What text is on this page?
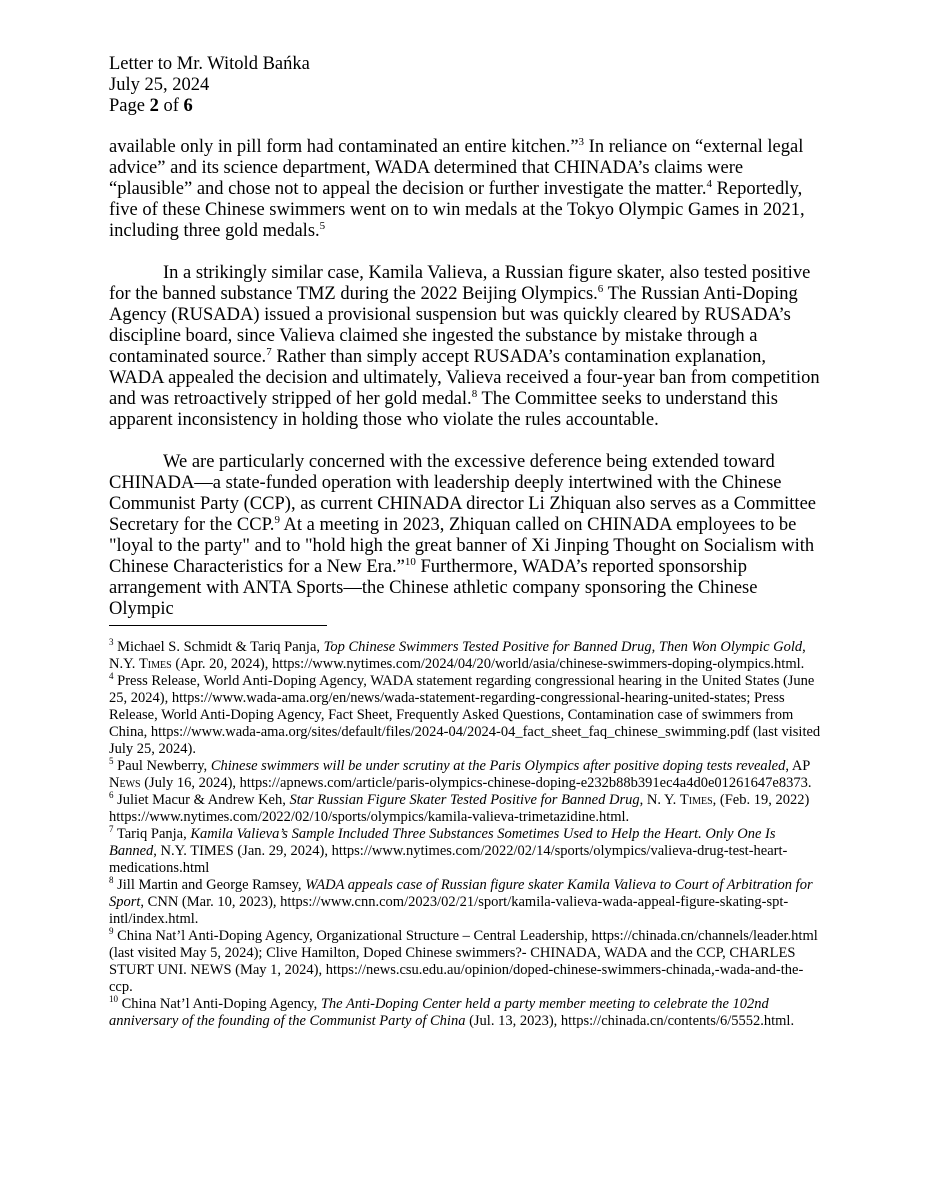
Letter to Mr. Witold Bańka
July 25, 2024
Page 2 of 6

available only in pill form had contaminated an entire kitchen.”$^3$ In reliance on “external legal advice” and its science department, WADA determined that CHINADA’s claims were “plausible” and chose not to appeal the decision or further investigate the matter.$^4$ Reportedly, five of these Chinese swimmers went on to win medals at the Tokyo Olympic Games in 2021, including three gold medals.$^5$

In a strikingly similar case, Kamila Valieva, a Russian figure skater, also tested positive for the banned substance TMZ during the 2022 Beijing Olympics.$^6$ The Russian Anti-Doping Agency (RUSADA) issued a provisional suspension but was quickly cleared by RUSADA’s discipline board, since Valieva claimed she ingested the substance by mistake through a contaminated source.$^7$ Rather than simply accept RUSADA’s contamination explanation, WADA appealed the decision and ultimately, Valieva received a four-year ban from competition and was retroactively stripped of her gold medal.$^8$ The Committee seeks to understand this apparent inconsistency in holding those who violate the rules accountable.

We are particularly concerned with the excessive deference being extended toward CHINADA—a state-funded operation with leadership deeply intertwined with the Chinese Communist Party (CCP), as current CHINADA director Li Zhiquan also serves as a Committee Secretary for the CCP.$^9$ At a meeting in 2023, Zhiquan called on CHINADA employees to be "loyal to the party" and to "hold high the great banner of Xi Jinping Thought on Socialism with Chinese Characteristics for a New Era.”$^{10}$ Furthermore, WADA’s reported sponsorship arrangement with ANTA Sports—the Chinese athletic company sponsoring the Chinese Olympic

$^3$ Michael S. Schmidt & Tariq Panja, Top Chinese Swimmers Tested Positive for Banned Drug, Then Won Olympic Gold, N.Y. Times (Apr. 20, 2024), https://www.nytimes.com/2024/04/20/world/asia/chinese-swimmers-doping-olympics.html.

$^4$ Press Release, World Anti-Doping Agency, WADA statement regarding congressional hearing in the United States (June 25, 2024), https://www.wada-ama.org/en/news/wada-statement-regarding-congressional-hearing-united-states; Press Release, World Anti-Doping Agency, Fact Sheet, Frequently Asked Questions, Contamination case of swimmers from China, https://www.wada-ama.org/sites/default/files/2024-04/2024-04_fact_sheet_faq_chinese_swimming.pdf (last visited July 25, 2024).

$^5$ Paul Newberry, Chinese swimmers will be under scrutiny at the Paris Olympics after positive doping tests revealed, AP News (July 16, 2024), https://apnews.com/article/paris-olympics-chinese-doping-e232b88b391ec4a4d0e01261647e8373.

$^6$ Juliet Macur & Andrew Keh, Star Russian Figure Skater Tested Positive for Banned Drug, N. Y. Times, (Feb. 19, 2022) https://www.nytimes.com/2022/02/10/sports/olympics/kamila-valieva-trimetazidine.html.

$^7$ Tariq Panja, Kamila Valieva’s Sample Included Three Substances Sometimes Used to Help the Heart. Only One Is Banned, N.Y. TIMES (Jan. 29, 2024), https://www.nytimes.com/2022/02/14/sports/olympics/valieva-drug-test-heart-medications.html

$^8$ Jill Martin and George Ramsey, WADA appeals case of Russian figure skater Kamila Valieva to Court of Arbitration for Sport, CNN (Mar. 10, 2023), https://www.cnn.com/2023/02/21/sport/kamila-valieva-wada-appeal-figure-skating-spt-intl/index.html.

$^9$ China Nat’l Anti-Doping Agency, Organizational Structure – Central Leadership, https://chinada.cn/channels/leader.html (last visited May 5, 2024); Clive Hamilton, Doped Chinese swimmers?- CHINADA, WADA and the CCP, CHARLES STURT UNI. NEWS (May 1, 2024), https://news.csu.edu.au/opinion/doped-chinese-swimmers-chinada,-wada-and-the-ccp.

$^{10}$ China Nat’l Anti-Doping Agency, The Anti-Doping Center held a party member meeting to celebrate the 102nd anniversary of the founding of the Communist Party of China (Jul. 13, 2023), https://chinada.cn/contents/6/5552.html.
